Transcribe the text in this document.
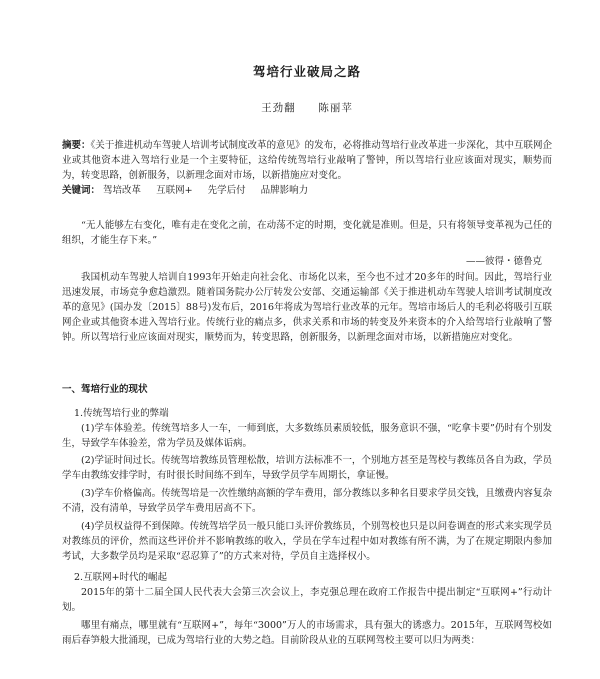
驾培行业破局之路
王劲翻 陈丽苹
摘要：《关于推进机动车驾驶人培训考试制度改革的意见》的发布，必将推动驾培行业改革进一步深化，其中互联网企业或其他资本进入驾培行业是一个主要特征，这给传统驾培行业敲响了警钟，所以驾培行业应该面对现实，顺势而为，转变思路，创新服务，以新理念面对市场，以新措施应对变化。
关键词： 驾培改革 互联网+ 先学后付 品牌影响力
“无人能够左右变化，唯有走在变化之前，在动荡不定的时期，变化就是准则。但是，只有将领导变革视为己任的组织，才能生存下来。”
——彼得・德鲁克
我国机动车驾驶人培训自1993年开始走向社会化、市场化以来，至今也不过才20多年的时间。因此，驾培行业迅速发展，市场竞争愈趋激烈。随着国务院办公厅转发公安部、交通运输部《关于推进机动车驾驶人培训考试制度改革的意见》(国办发〔2015〕88号)发布后，2016年将成为驾培行业改革的元年。驾培市场后人的毛利必将吸引互联网企业或其他资本进入驾培行业。传统行业的痛点多，供求关系和市场的转变及外来资本的介入给驾培行业敲响了警钟。所以驾培行业应该面对现实，顺势而为，转变思路，创新服务，以新理念面对市场，以新措施应对变化。
一、驾培行业的现状
1.传统驾培行业的弊端
(1)学车体验差。传统驾培多人一车，一师到底，大多数练员素质较低，服务意识不强，“吃拿卡要”仍时有个别发生，导致学车体验差，常为学员及媒体诟病。
(2)学证时间过长。传统驾培教练员管理松散，培训方法标准不一，个别地方甚至是驾校与教练员各自为政，学员学车由教练安排学时，有时很长时间练不到车，导致学员学车周期长，拿证慢。
(3)学车价格偏高。传统驾培是一次性缴纳高额的学车费用，部分教练以多种名目要求学员交钱，且缴费内容复杂不清，没有清单，导致学员学车费用居高不下。
(4)学员权益得不到保障。传统驾培学员一般只能口头评价教练员，个别驾校也只是以问卷调查的形式来实现学员对教练员的评价，然而这些评价并不影响教练的收入，学员在学车过程中如对教练有所不满，为了在规定期限内参加考试，大多数学员均是采取“忍忍算了”的方式来对待，学员自主选择权小。
2.互联网+时代的崛起
2015年的第十二届全国人民代表大会第三次会议上，李克强总理在政府工作报告中提出制定“互联网+”行动计划。
哪里有痛点，哪里就有“互联网+”，每年“3000”万人的市场需求，具有强大的诱惑力。2015年，互联网驾校如雨后春笋般大批涌现，已成为驾培行业的大势之趋。目前阶段从业的互联网驾校主要可以归为两类：
